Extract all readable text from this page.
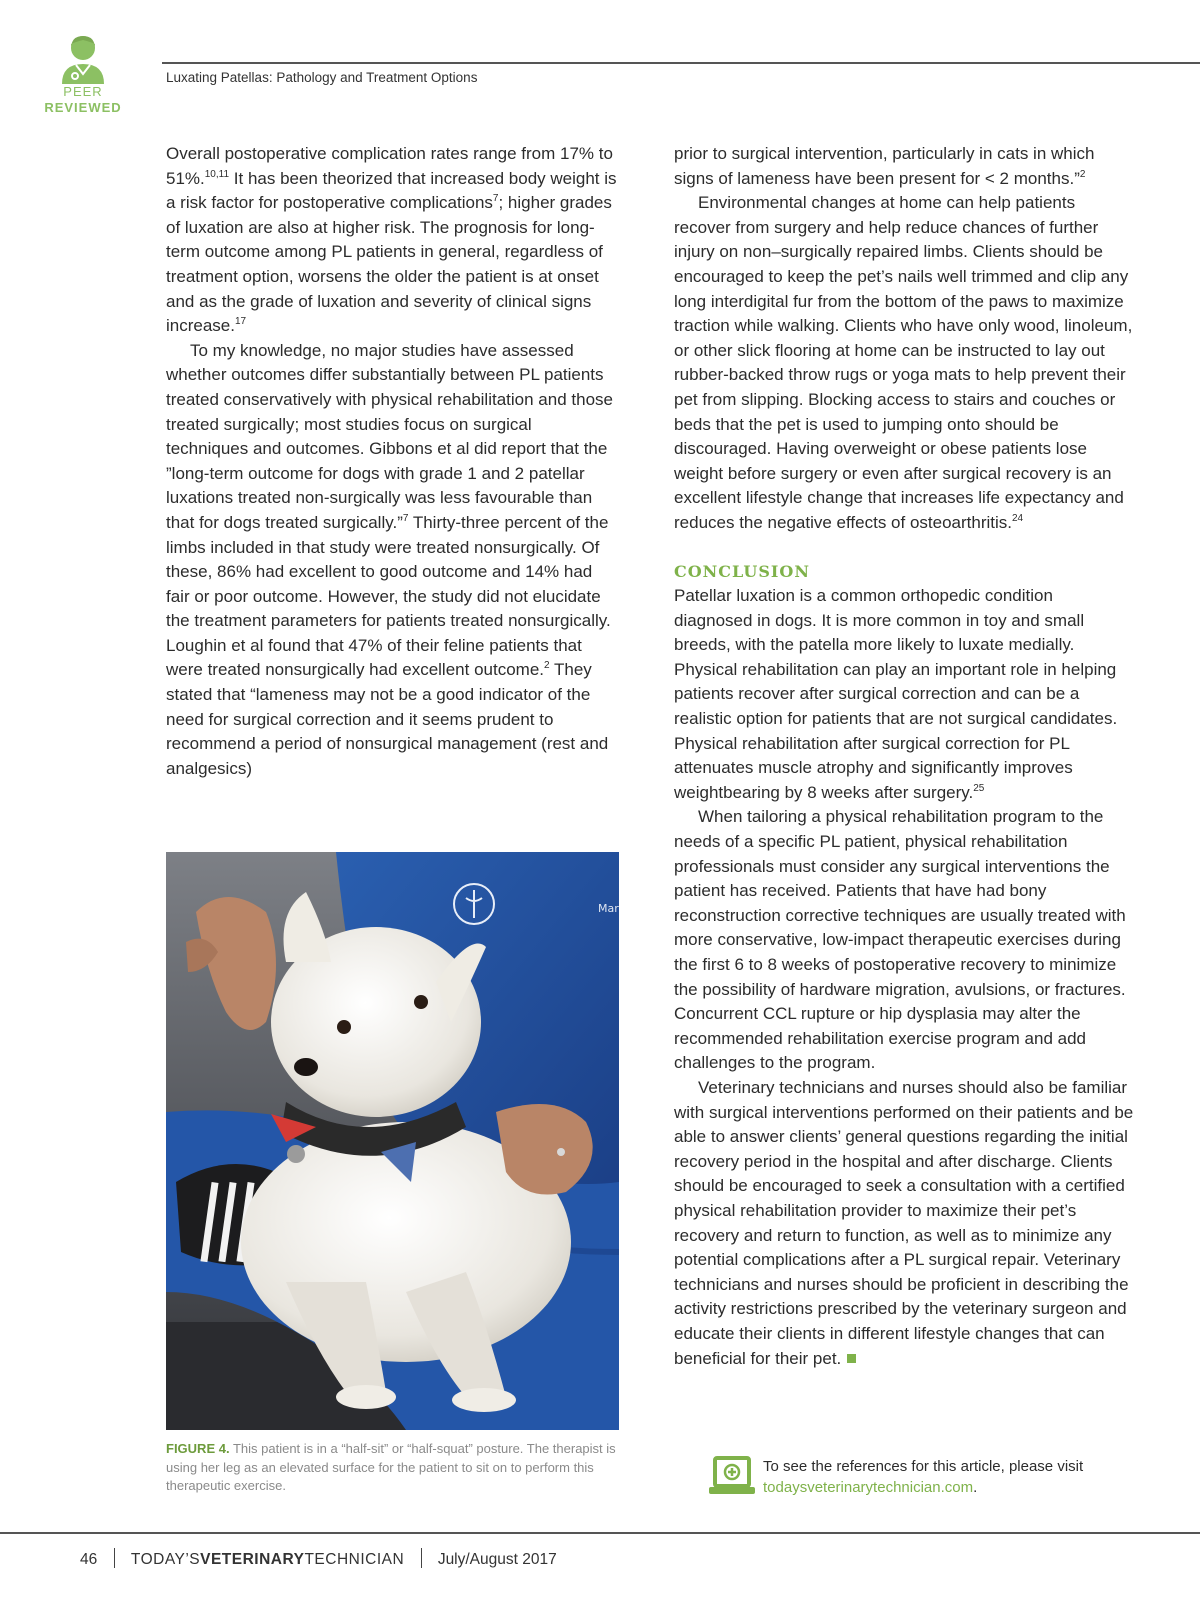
PEER
REVIEWED
Luxating Patellas: Pathology and Treatment Options

Overall postoperative complication rates range from 17% to 51%.$^{10,11}$ It has been theorized that increased body weight is a risk factor for postoperative complications$^7$; higher grades of luxation are also at higher risk. The prognosis for long-term outcome among PL patients in general, regardless of treatment option, worsens the older the patient is at onset and as the grade of luxation and severity of clinical signs increase.$^{17}$

To my knowledge, no major studies have assessed whether outcomes differ substantially between PL patients treated conservatively with physical rehabilitation and those treated surgically; most studies focus on surgical techniques and outcomes. Gibbons et al did report that the ”long-term outcome for dogs with grade 1 and 2 patellar luxations treated non-surgically was less favourable than that for dogs treated surgically.”$^7$ Thirty-three percent of the limbs included in that study were treated nonsurgically. Of these, 86% had excellent to good outcome and 14% had fair or poor outcome. However, the study did not elucidate the treatment parameters for patients treated nonsurgically. Loughin et al found that 47% of their feline patients that were treated nonsurgically had excellent outcome.$^2$ They stated that “lameness may not be a good indicator of the need for surgical correction and it seems prudent to recommend a period of nonsurgical management (rest and analgesics)

Mar
FIGURE 4. This patient is in a “half-sit” or “half-squat” posture. The therapist is using her leg as an elevated surface for the patient to sit on to perform this therapeutic exercise.

prior to surgical intervention, particularly in cats in which signs of lameness have been present for < 2 months.”$^2$

Environmental changes at home can help patients recover from surgery and help reduce chances of further injury on non–surgically repaired limbs. Clients should be encouraged to keep the pet’s nails well trimmed and clip any long interdigital fur from the bottom of the paws to maximize traction while walking. Clients who have only wood, linoleum, or other slick flooring at home can be instructed to lay out rubber-backed throw rugs or yoga mats to help prevent their pet from slipping. Blocking access to stairs and couches or beds that the pet is used to jumping onto should be discouraged. Having overweight or obese patients lose weight before surgery or even after surgical recovery is an excellent lifestyle change that increases life expectancy and reduces the negative effects of osteoarthritis.$^{24}$

CONCLUSION

Patellar luxation is a common orthopedic condition diagnosed in dogs. It is more common in toy and small breeds, with the patella more likely to luxate medially. Physical rehabilitation can play an important role in helping patients recover after surgical correction and can be a realistic option for patients that are not surgical candidates. Physical rehabilitation after surgical correction for PL attenuates muscle atrophy and significantly improves weightbearing by 8 weeks after surgery.$^{25}$

When tailoring a physical rehabilitation program to the needs of a specific PL patient, physical rehabilitation professionals must consider any surgical interventions the patient has received. Patients that have had bony reconstruction corrective techniques are usually treated with more conservative, low-impact therapeutic exercises during the first 6 to 8 weeks of postoperative recovery to minimize the possibility of hardware migration, avulsions, or fractures. Concurrent CCL rupture or hip dysplasia may alter the recommended rehabilitation exercise program and add challenges to the program.

Veterinary technicians and nurses should also be familiar with surgical interventions performed on their patients and be able to answer clients’ general questions regarding the initial recovery period in the hospital and after discharge. Clients should be encouraged to seek a consultation with a certified physical rehabilitation provider to maximize their pet’s recovery and return to function, as well as to minimize any potential complications after a PL surgical repair. Veterinary technicians and nurses should be proficient in describing the activity restrictions prescribed by the veterinary surgeon and educate their clients in different lifestyle changes that can beneficial for their pet.

To see the references for this article, please visit todaysveterinarytechnician.com.
46 TODAY’SVETERINARYTECHNICIAN July/August 2017
